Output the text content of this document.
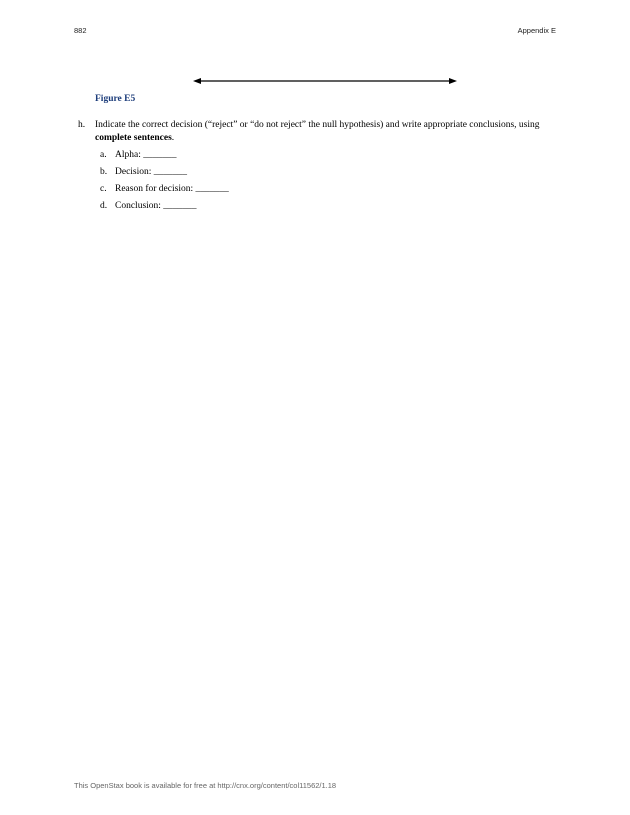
882	Appendix E
Figure E5
h.	Indicate the correct decision (“reject” or “do not reject” the null hypothesis) and write appropriate conclusions, using complete sentences.
a. Alpha: _______
b. Decision: _______
c. Reason for decision: _______
d. Conclusion: _______
This OpenStax book is available for free at http://cnx.org/content/col11562/1.18
